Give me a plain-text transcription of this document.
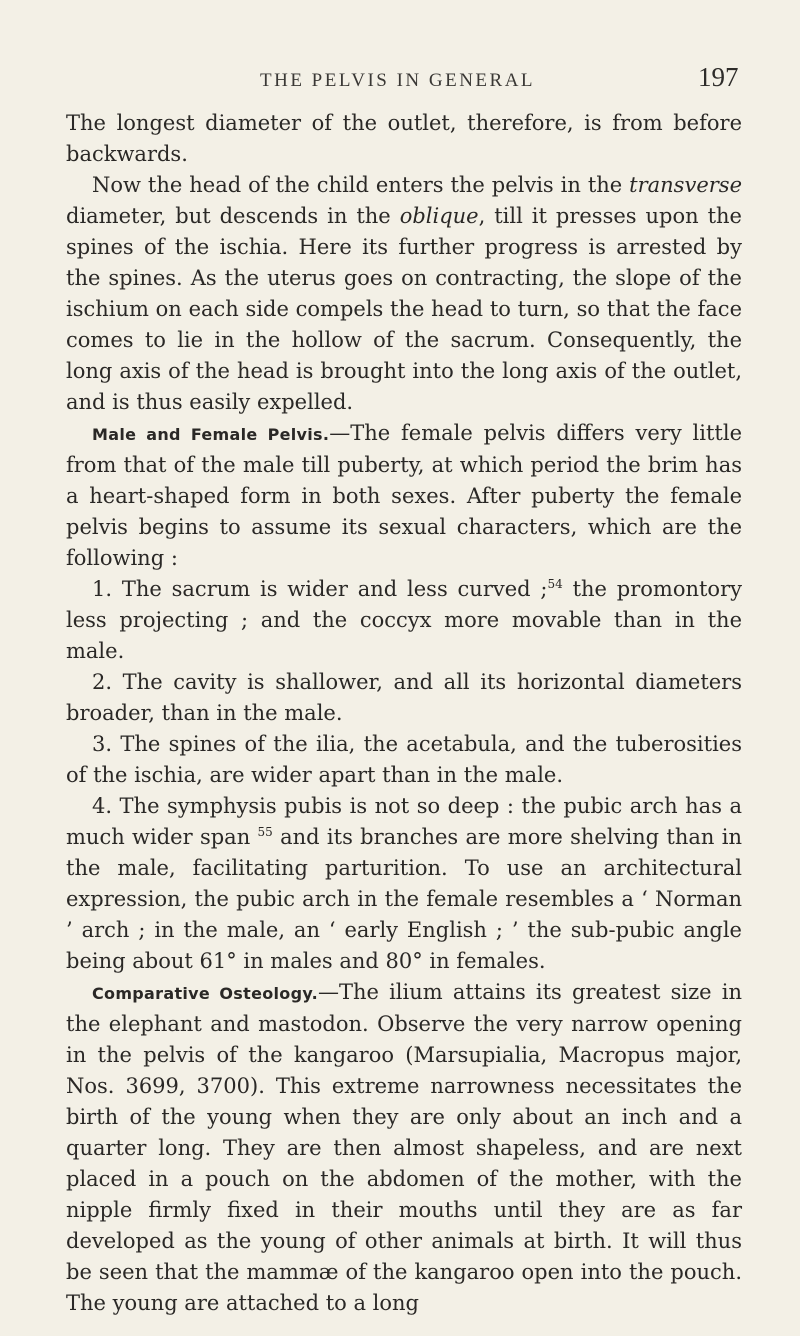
THE PELVIS IN GENERAL	197

The longest diameter of the outlet, therefore, is from before backwards.

Now the head of the child enters the pelvis in the transverse diameter, but descends in the oblique, till it presses upon the spines of the ischia. Here its further progress is arrested by the spines. As the uterus goes on contracting, the slope of the ischium on each side compels the head to turn, so that the face comes to lie in the hollow of the sacrum. Consequently, the long axis of the head is brought into the long axis of the outlet, and is thus easily expelled.

Male and Female Pelvis.—The female pelvis differs very little from that of the male till puberty, at which period the brim has a heart-shaped form in both sexes. After puberty the female pelvis begins to assume its sexual characters, which are the following :

1. The sacrum is wider and less curved ;$^{54}$ the promontory less projecting ; and the coccyx more movable than in the male.

2. The cavity is shallower, and all its horizontal diameters broader, than in the male.

3. The spines of the ilia, the acetabula, and the tuberosities of the ischia, are wider apart than in the male.

4. The symphysis pubis is not so deep : the pubic arch has a much wider span $^{55}$ and its branches are more shelving than in the male, facilitating parturition. To use an architectural expression, the pubic arch in the female resembles a ‘ Norman ’ arch ; in the male, an ‘ early English ; ’ the sub-pubic angle being about 61° in males and 80° in females.

Comparative Osteology.—The ilium attains its greatest size in the elephant and mastodon. Observe the very narrow opening in the pelvis of the kangaroo (Marsupialia, Macropus major, Nos. 3699, 3700). This extreme narrowness necessitates the birth of the young when they are only about an inch and a quarter long. They are then almost shapeless, and are next placed in a pouch on the abdomen of the mother, with the nipple firmly fixed in their mouths until they are as far developed as the young of other animals at birth. It will thus be seen that the mammæ of the kangaroo open into the pouch. The young are attached to a long
